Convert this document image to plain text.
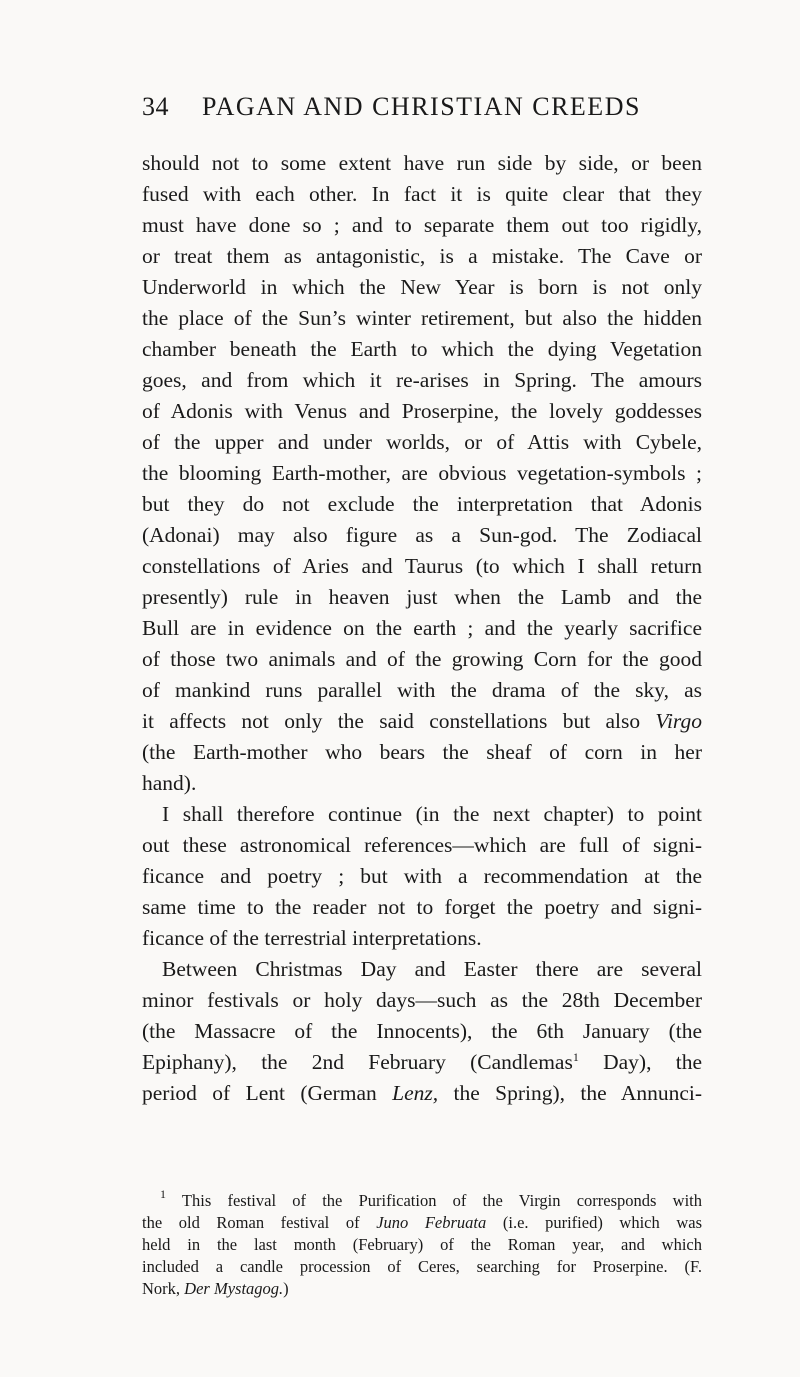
34 PAGAN AND CHRISTIAN CREEDS
should not to some extent have run side by side, or been
fused with each other. In fact it is quite clear that they
must have done so ; and to separate them out too rigidly,
or treat them as antagonistic, is a mistake. The Cave or
Underworld in which the New Year is born is not only
the place of the Sun’s winter retirement, but also the hidden
chamber beneath the Earth to which the dying Vegetation
goes, and from which it re-arises in Spring. The amours
of Adonis with Venus and Proserpine, the lovely goddesses
of the upper and under worlds, or of Attis with Cybele,
the blooming Earth-mother, are obvious vegetation-symbols ;
but they do not exclude the interpretation that Adonis
(Adonai) may also figure as a Sun-god. The Zodiacal
constellations of Aries and Taurus (to which I shall return
presently) rule in heaven just when the Lamb and the
Bull are in evidence on the earth ; and the yearly sacrifice
of those two animals and of the growing Corn for the good
of mankind runs parallel with the drama of the sky, as
it affects not only the said constellations but also Virgo
(the Earth-mother who bears the sheaf of corn in her
hand).
I shall therefore continue (in the next chapter) to point
out these astronomical references—which are full of signi-
ficance and poetry ; but with a recommendation at the
same time to the reader not to forget the poetry and signi-
ficance of the terrestrial interpretations.
Between Christmas Day and Easter there are several
minor festivals or holy days—such as the 28th December
(the Massacre of the Innocents), the 6th January (the
Epiphany), the 2nd February (Candlemas$^1$ Day), the
period of Lent (German Lenz, the Spring), the Annunci-
$^1$ This festival of the Purification of the Virgin corresponds with
the old Roman festival of Juno Februata (i.e. purified) which was
held in the last month (February) of the Roman year, and which
included a candle procession of Ceres, searching for Proserpine. (F.
Nork, Der Mystagog.)
